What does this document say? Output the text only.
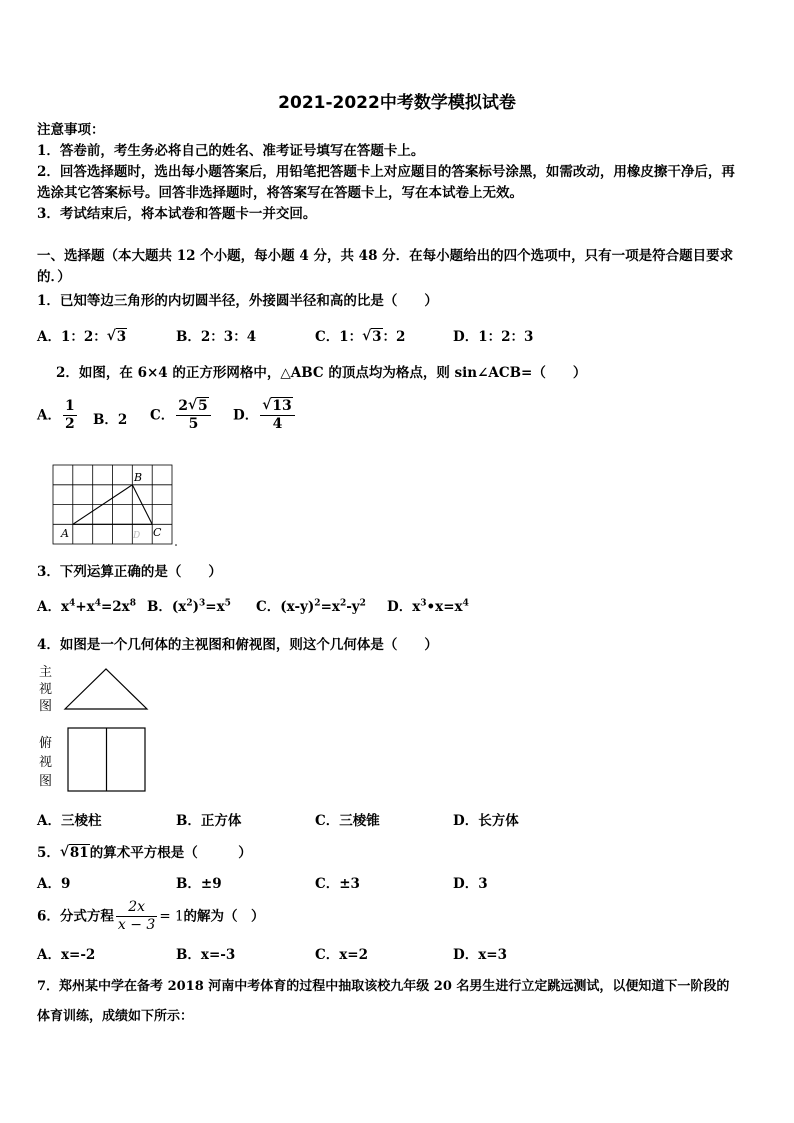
2021-2022中考数学模拟试卷
注意事项：
1．答卷前，考生务必将自己的姓名、准考证号填写在答题卡上。
2．回答选择题时，选出每小题答案后，用铅笔把答题卡上对应题目的答案标号涂黑，如需改动，用橡皮擦干净后，再
选涂其它答案标号。回答非选择题时，将答案写在答题卡上，写在本试卷上无效。
3．考试结束后，将本试卷和答题卡一并交回。
一、选择题（本大题共 12 个小题，每小题 4 分，共 48 分．在每小题给出的四个选项中，只有一项是符合题目要求
的．）
1．已知等边三角形的内切圆半径，外接圆半径和高的比是（　　）
A．1：2： √ 3	B．2：3：4	C．1： √ 3：2	D．1：2：3
2．如图，在 6×4 的正方形网格中，△ABC 的顶点均为格点，则 sin∠ACB=（　　）
A． $\frac{1}{2}$ B．2 C． $\frac{2 √ 5}{5}$ D． $\frac{√ 13}{4}$
B
A	C
D
3．下列运算正确的是（　　）
A．$x^4+x^4=2x^8$ B．$(x^2)^3=x^5$ C．$(x-y)^2=x^2-y^2$ D．$x^3•x=x^4$
4．如图是一个几何体的主视图和俯视图，则这个几何体是（　　）
主
视
图
俯
视
图
A．三棱柱	B．正方体	C．三棱锥	D．长方体
5． √ 81的算术平方根是（　　　）
A．9	B．±9	C．±3	D．3
6．分式方程 $\frac{2x}{x - 3} = 1$的解为（　）
A．x=-2	B．x=-3	C．x=2	D．x=3
7．郑州某中学在备考 2018 河南中考体育的过程中抽取该校九年级 20 名男生进行立定跳远测试，以便知道下一阶段的
体育训练，成绩如下所示：
